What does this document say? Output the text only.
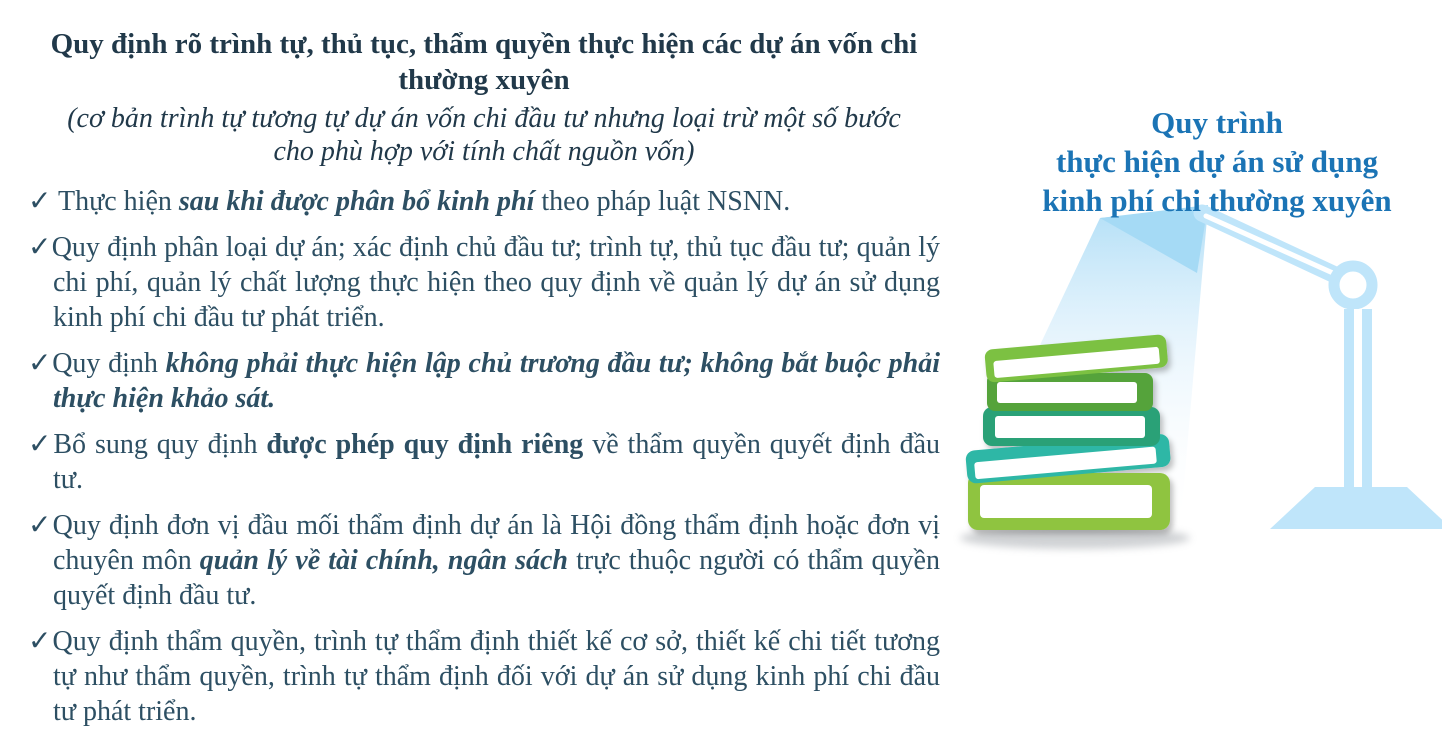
Quy định rõ trình tự, thủ tục, thẩm quyền thực hiện các dự án vốn chi thường xuyên
(cơ bản trình tự tương tự dự án vốn chi đầu tư nhưng loại trừ một số bước cho phù hợp với tính chất nguồn vốn)
✓ Thực hiện sau khi được phân bổ kinh phí theo pháp luật NSNN.
✓Quy định phân loại dự án; xác định chủ đầu tư; trình tự, thủ tục đầu tư; quản lý chi phí, quản lý chất lượng thực hiện theo quy định về quản lý dự án sử dụng kinh phí chi đầu tư phát triển.
✓Quy định không phải thực hiện lập chủ trương đầu tư; không bắt buộc phải thực hiện khảo sát.
✓Bổ sung quy định được phép quy định riêng về thẩm quyền quyết định đầu tư.
✓Quy định đơn vị đầu mối thẩm định dự án là Hội đồng thẩm định hoặc đơn vị chuyên môn quản lý về tài chính, ngân sách trực thuộc người có thẩm quyền quyết định đầu tư.
✓Quy định thẩm quyền, trình tự thẩm định thiết kế cơ sở, thiết kế chi tiết tương tự như thẩm quyền, trình tự thẩm định đối với dự án sử dụng kinh phí chi đầu tư phát triển.
Quy trình
thực hiện dự án sử dụng
kinh phí chi thường xuyên
